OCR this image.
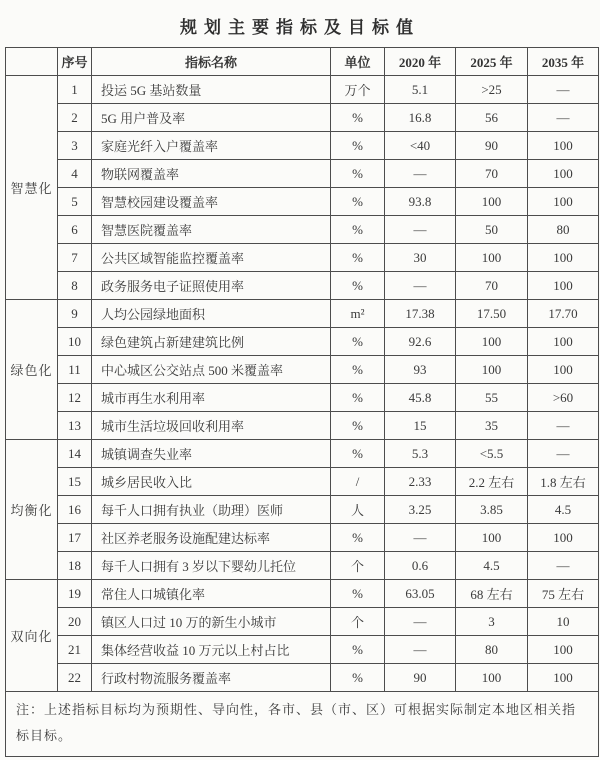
规划主要指标及目标值
	序号	指标名称	单位	2020 年	2025 年	2035 年
智慧化	1	投运 5G 基站数量	万个	5.1	>25	—
	2	5G 用户普及率	%	16.8	56	—
	3	家庭光纤入户覆盖率	%	<40	90	100
	4	物联网覆盖率	%	—	70	100
	5	智慧校园建设覆盖率	%	93.8	100	100
	6	智慧医院覆盖率	%	—	50	80
	7	公共区域智能监控覆盖率	%	30	100	100
	8	政务服务电子证照使用率	%	—	70	100
绿色化	9	人均公园绿地面积	m²	17.38	17.50	17.70
	10	绿色建筑占新建建筑比例	%	92.6	100	100
	11	中心城区公交站点 500 米覆盖率	%	93	100	100
	12	城市再生水利用率	%	45.8	55	>60
	13	城市生活垃圾回收利用率	%	15	35	—
均衡化	14	城镇调查失业率	%	5.3	<5.5	—
	15	城乡居民收入比	/	2.33	2.2 左右	1.8 左右
	16	每千人口拥有执业（助理）医师	人	3.25	3.85	4.5
	17	社区养老服务设施配建达标率	%	—	100	100
	18	每千人口拥有 3 岁以下婴幼儿托位	个	0.6	4.5	—
双向化	19	常住人口城镇化率	%	63.05	68 左右	75 左右
	20	镇区人口过 10 万的新生小城市	个	—	3	10
	21	集体经营收益 10 万元以上村占比	%	—	80	100
	22	行政村物流服务覆盖率	%	90	100	100
注：上述指标目标均为预期性、导向性，各市、县（市、区）可根据实际制定本地区相关指标目标。						
